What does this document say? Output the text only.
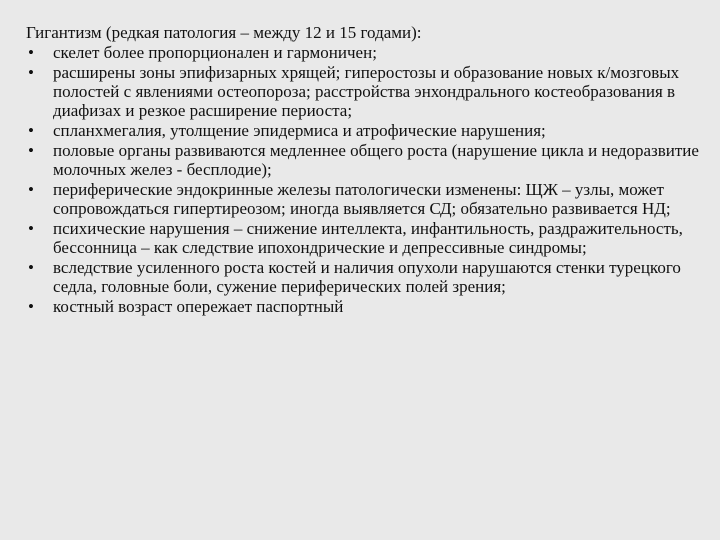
Гигантизм (редкая патология – между 12 и 15 годами):
• скелет более пропорционален и гармоничен;
• расширены зоны эпифизарных хрящей; гиперостозы и образование новых к/мозговых полостей с явлениями остеопороза; расстройства энхондрального костеобразования в диафизах и резкое расширение периоста;
• спланхмегалия, утолщение эпидермиса и атрофические нарушения;
• половые органы развиваются медленнее общего роста (нарушение цикла и недоразвитие молочных желез - бесплодие);
• периферические эндокринные железы патологически изменены: ЩЖ – узлы, может сопровождаться гипертиреозом; иногда выявляется СД; обязательно развивается НД;
• психические нарушения – снижение интеллекта, инфантильность, раздражительность, бессонница – как следствие ипохондрические и депрессивные синдромы;
• вследствие усиленного роста костей и наличия опухоли нарушаются стенки турецкого седла, головные боли, сужение периферических полей зрения;
• костный возраст опережает паспортный
